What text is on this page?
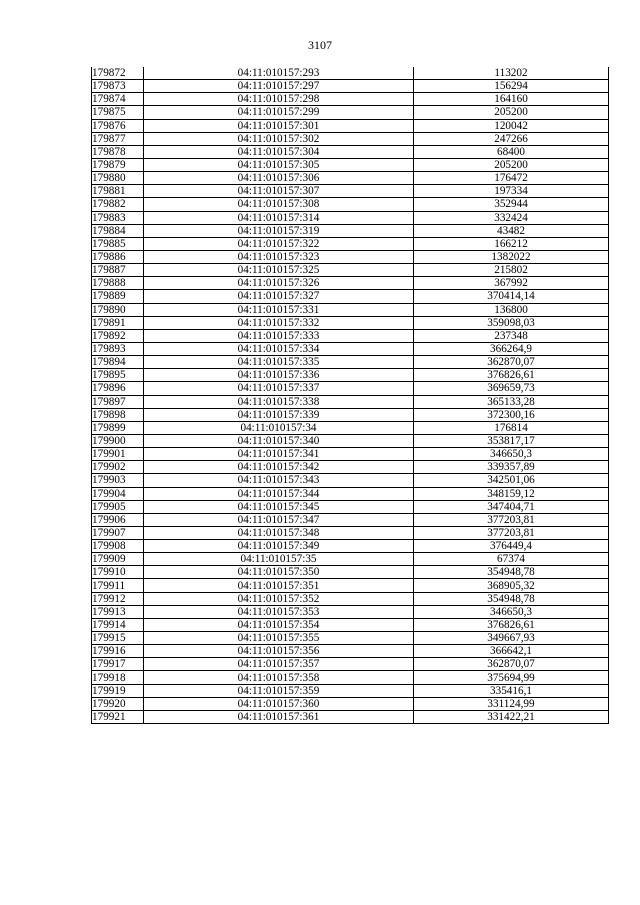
3107
179872	04:11:010157:293	113202
179873	04:11:010157:297	156294
179874	04:11:010157:298	164160
179875	04:11:010157:299	205200
179876	04:11:010157:301	120042
179877	04:11:010157:302	247266
179878	04:11:010157:304	68400
179879	04:11:010157:305	205200
179880	04:11:010157:306	176472
179881	04:11:010157:307	197334
179882	04:11:010157:308	352944
179883	04:11:010157:314	332424
179884	04:11:010157:319	43482
179885	04:11:010157:322	166212
179886	04:11:010157:323	1382022
179887	04:11:010157:325	215802
179888	04:11:010157:326	367992
179889	04:11:010157:327	370414,14
179890	04:11:010157:331	136800
179891	04:11:010157:332	359098,03
179892	04:11:010157:333	237348
179893	04:11:010157:334	366264,9
179894	04:11:010157:335	362870,07
179895	04:11:010157:336	376826,61
179896	04:11:010157:337	369659,73
179897	04:11:010157:338	365133,28
179898	04:11:010157:339	372300,16
179899	04:11:010157:34	176814
179900	04:11:010157:340	353817,17
179901	04:11:010157:341	346650,3
179902	04:11:010157:342	339357,89
179903	04:11:010157:343	342501,06
179904	04:11:010157:344	348159,12
179905	04:11:010157:345	347404,71
179906	04:11:010157:347	377203,81
179907	04:11:010157:348	377203,81
179908	04:11:010157:349	376449,4
179909	04:11:010157:35	67374
179910	04:11:010157:350	354948,78
179911	04:11:010157:351	368905,32
179912	04:11:010157:352	354948,78
179913	04:11:010157:353	346650,3
179914	04:11:010157:354	376826,61
179915	04:11:010157:355	349667,93
179916	04:11:010157:356	366642,1
179917	04:11:010157:357	362870,07
179918	04:11:010157:358	375694,99
179919	04:11:010157:359	335416,1
179920	04:11:010157:360	331124,99
179921	04:11:010157:361	331422,21
